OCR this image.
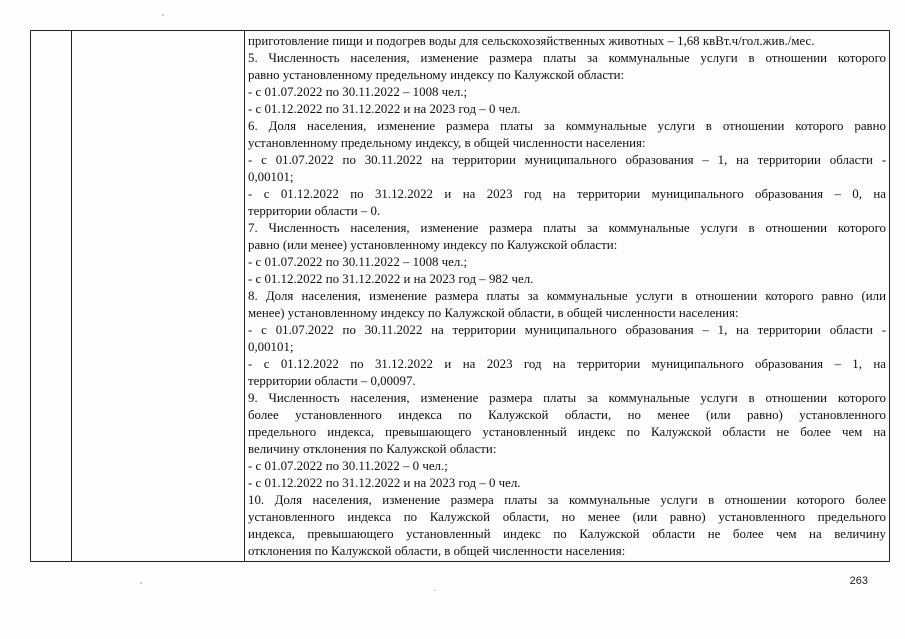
приготовление пищи и подогрев воды для сельскохозяйственных животных – 1,68 квВт.ч/гол.жив./мес.
5. Численность населения, изменение размера платы за коммунальные услуги в отношении которого
равно установленному предельному индексу по Калужской области:
- с 01.07.2022 по 30.11.2022 – 1008 чел.;
- с 01.12.2022 по 31.12.2022 и на 2023 год – 0 чел.
6. Доля населения, изменение размера платы за коммунальные услуги в отношении которого равно
установленному предельному индексу, в общей численности населения:
- с 01.07.2022 по 30.11.2022 на территории муниципального образования – 1, на территории области -
0,00101;
- с 01.12.2022 по 31.12.2022 и на 2023 год на территории муниципального образования – 0, на
территории области – 0.
7. Численность населения, изменение размера платы за коммунальные услуги в отношении которого
равно (или менее) установленному индексу по Калужской области:
- с 01.07.2022 по 30.11.2022 – 1008 чел.;
- с 01.12.2022 по 31.12.2022 и на 2023 год – 982 чел.
8. Доля населения, изменение размера платы за коммунальные услуги в отношении которого равно (или
менее) установленному индексу по Калужской области, в общей численности населения:
- с 01.07.2022 по 30.11.2022 на территории муниципального образования – 1, на территории области -
0,00101;
- с 01.12.2022 по 31.12.2022 и на 2023 год на территории муниципального образования – 1, на
территории области – 0,00097.
9. Численность населения, изменение размера платы за коммунальные услуги в отношении которого
более установленного индекса по Калужской области, но менее (или равно) установленного
предельного индекса, превышающего установленный индекс по Калужской области не более чем на
величину отклонения по Калужской области:
- с 01.07.2022 по 30.11.2022 – 0 чел.;
- с 01.12.2022 по 31.12.2022 и на 2023 год – 0 чел.
10. Доля населения, изменение размера платы за коммунальные услуги в отношении которого более
установленного индекса по Калужской области, но менее (или равно) установленного предельного
индекса, превышающего установленный индекс по Калужской области не более чем на величину
отклонения по Калужской области, в общей численности населения:
263
